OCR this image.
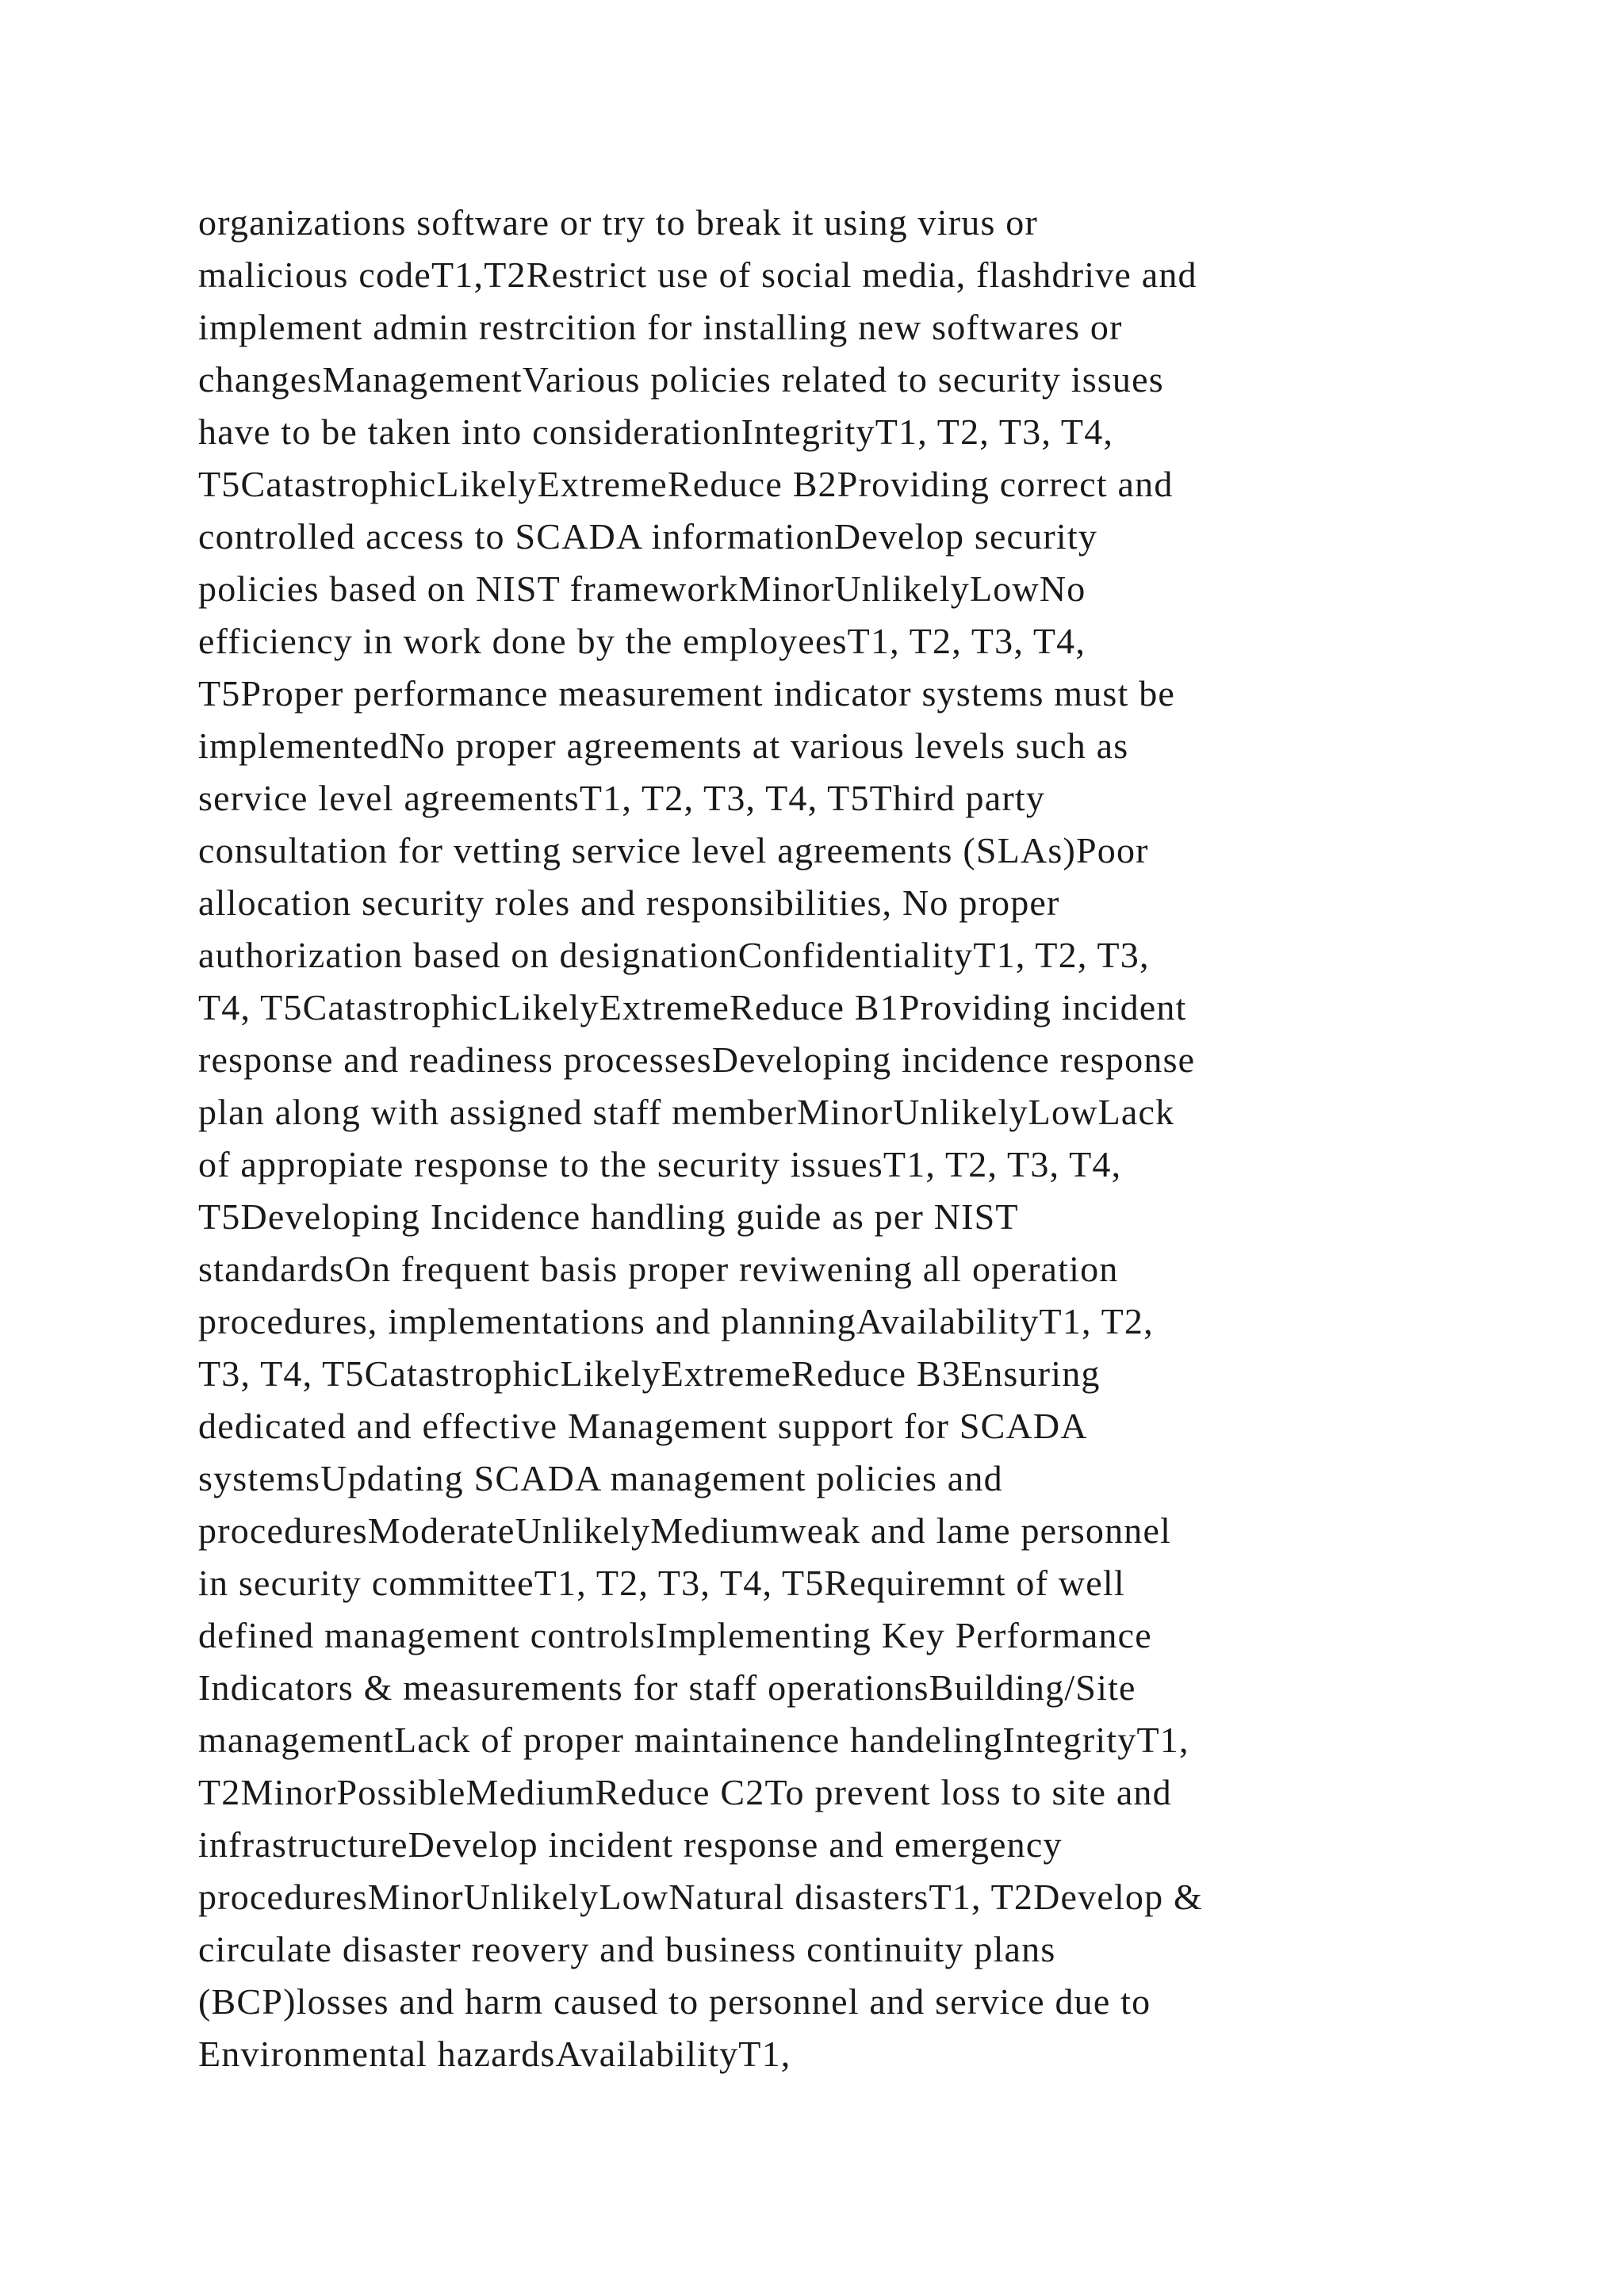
organizations software or try to break it using virus or
malicious codeT1,T2Restrict use of social media, flashdrive and
implement admin restrcition for installing new softwares or
changesManagementVarious policies related to security issues
have to be taken into considerationIntegrityT1, T2, T3, T4,
T5CatastrophicLikelyExtremeReduce B2Providing correct and
controlled access to SCADA informationDevelop security
policies based on NIST frameworkMinorUnlikelyLowNo
efficiency in work done by the employeesT1, T2, T3, T4,
T5Proper performance measurement indicator systems must be
implementedNo proper agreements at various levels such as
service level agreementsT1, T2, T3, T4, T5Third party
consultation for vetting service level agreements (SLAs)Poor
allocation security roles and responsibilities, No proper
authorization based on designationConfidentialityT1, T2, T3,
T4, T5CatastrophicLikelyExtremeReduce B1Providing incident
response and readiness processesDeveloping incidence response
plan along with assigned staff memberMinorUnlikelyLowLack
of appropiate response to the security issuesT1, T2, T3, T4,
T5Developing Incidence handling guide as per NIST
standardsOn frequent basis proper reviwening all operation
procedures, implementations and planningAvailabilityT1, T2,
T3, T4, T5CatastrophicLikelyExtremeReduce B3Ensuring
dedicated and effective Management support for SCADA
systemsUpdating SCADA management policies and
proceduresModerateUnlikelyMediumweak and lame personnel
in security committeeT1, T2, T3, T4, T5Requiremnt of well
defined management controlsImplementing Key Performance
Indicators & measurements for staff operationsBuilding/Site
managementLack of proper maintainence handelingIntegrityT1,
T2MinorPossibleMediumReduce C2To prevent loss to site and
infrastructureDevelop incident response and emergency
proceduresMinorUnlikelyLowNatural disastersT1, T2Develop &
circulate disaster reovery and business continuity plans
(BCP)losses and harm caused to personnel and service due to
Environmental hazardsAvailabilityT1,
